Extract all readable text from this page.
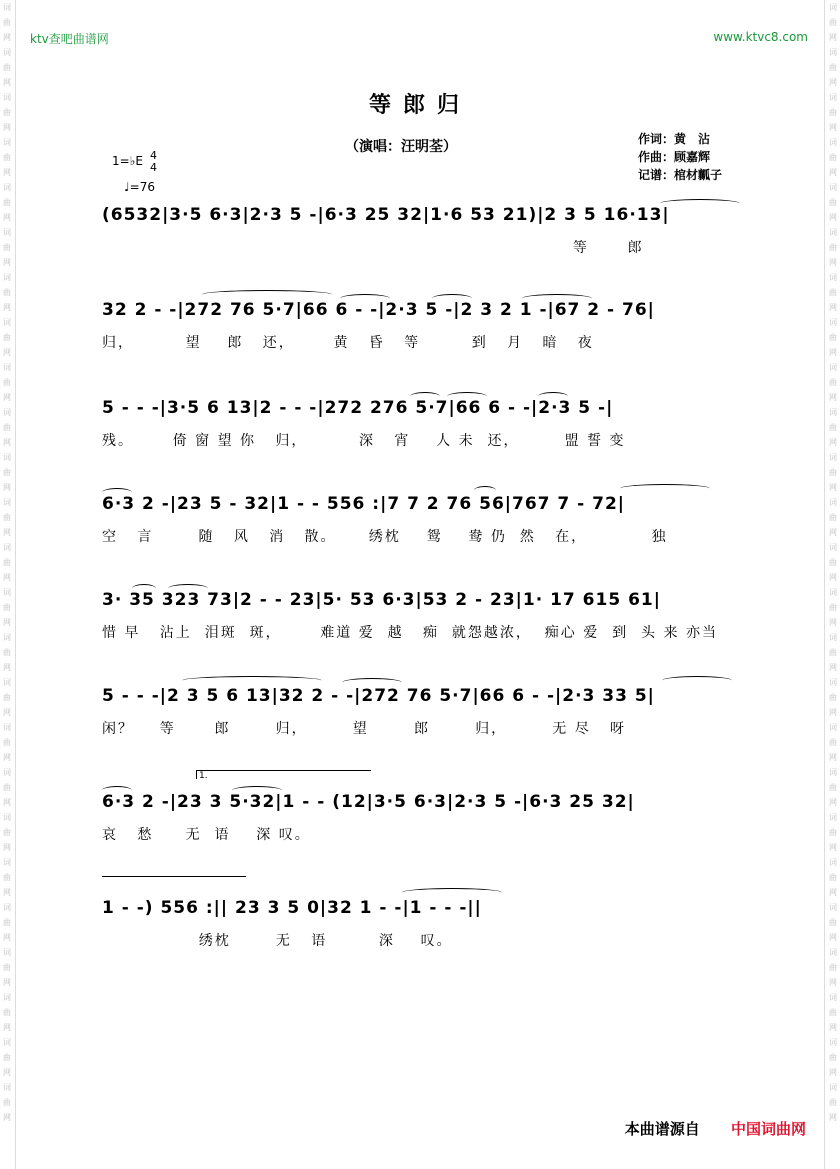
词
曲
网
词
曲
网
词
曲
网
词
曲
网
词
曲
网
词
曲
网
词
曲
网
词
曲
网
词
曲
网
词
曲
网
词
曲
网
词
曲
网
词
曲
网
词
曲
网
词
曲
网
词
曲
网
词
曲
网
词
曲
网
词
曲
网
词
曲
网
词
曲
网
词
曲
网
词
曲
网
词
曲
网
词
曲
网
词
曲
网
词
曲
网
词
曲
网
词
曲
网
词
曲
网
词
曲
网
词
曲
网
词
曲
网
词
曲
网
词
曲
网
词
曲
网
词
曲
网
词
曲
网
词
曲
网
词
曲
网
词
曲
网
词
曲
网
词
曲
网
词
曲
网
词
曲
网
词
曲
网
词
曲
网
词
曲
网
词
曲
网
词
曲
网
ktv查吧曲谱网	www.ktvc8.com
等郎归
（演唱：汪明荃）	作词：黄　沾
作曲：顾嘉辉
记谱：棺材瓤子
1=♭E 4
4
♩=76
(6532|3·5 6·3|2·3 5 -|6·3 25 32|1·6 53 21)|2 3 5 16·13|
等      郎
32 2 - -|272 76 5·7|66 6 - -|2·3 5 -|2 3 2 1 -|67 2 - 76|
归，        望    郎   还，      黄   昏   等        到   月   暗   夜
5 - - -|3·5 6 13|2 - - -|272 276 5·7|66 6 - -|2·3 5 -|
残。      倚 窗 望 你   归，        深   宵    人 未  还，       盟 誓 变
6·3 2 -|23 5 - 32|1 - - 556 :|7 7 2 76 56|767 7 - 72|
空   言       随   风   消   散。     绣枕    鸳    鸯 仍  然   在，          独
3· 35 323 73|2 - - 23|5· 53 6·3|53 2 - 23|1· 17 615 61|
惜 早   沾上  泪斑  斑，      难道 爱  越   痴  就怨越浓，  痴心 爱  到  头 来 亦当
5 - - -|2 3 5 6 13|32 2 - -|272 76 5·7|66 6 - -|2·3 33 5|
闲？    等      郎       归，       望       郎       归，       无 尽   呀
1.
6·3 2 -|23 3 5·32|1 - - (12|3·5 6·3|2·3 5 -|6·3 25 32|
哀   愁     无  语    深 叹。
1 - -) 556 :|| 23 3 5 0|32 1 - -|1 - - -||
绣枕       无   语        深    叹。
本曲谱源自 中国词曲网
